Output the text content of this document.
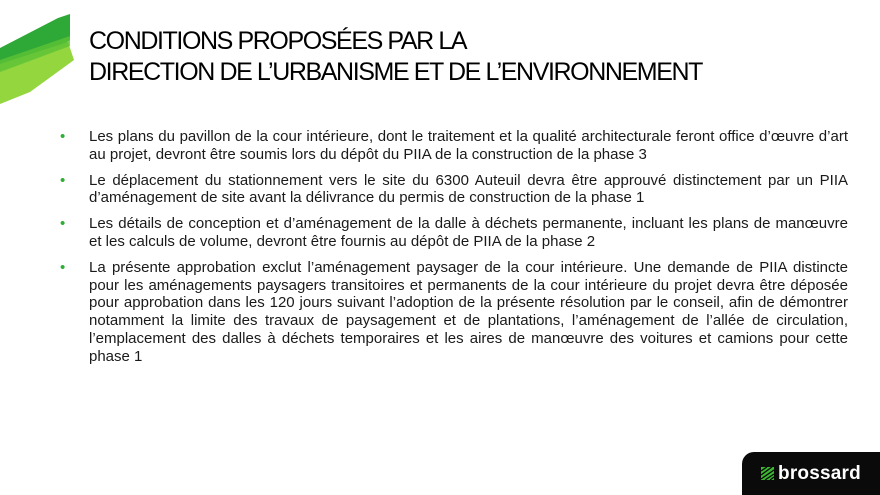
CONDITIONS PROPOSÉES PAR LA
DIRECTION DE L’URBANISME ET DE L’ENVIRONNEMENT
• Les plans du pavillon de la cour intérieure, dont le traitement et la qualité architecturale feront office d’œuvre d’art au projet, devront être soumis lors du dépôt du PIIA de la construction de la phase 3
• Le déplacement du stationnement vers le site du 6300 Auteuil devra être approuvé distinctement par un PIIA d’aménagement de site avant la délivrance du permis de construction de la phase 1
• Les détails de conception et d’aménagement de la dalle à déchets permanente, incluant les plans de manœuvre et les calculs de volume, devront être fournis au dépôt de PIIA de la phase 2
• La présente approbation exclut l’aménagement paysager de la cour intérieure. Une demande de PIIA distincte pour les aménagements paysagers transitoires et permanents de la cour intérieure du projet devra être déposée pour approbation dans les 120 jours suivant l’adoption de la présente résolution par le conseil, afin de démontrer notamment la limite des travaux de paysagement et de plantations, l’aménagement de l’allée de circulation, l’emplacement des dalles à déchets temporaires et les aires de manœuvre des voitures et camions pour cette phase 1
brossard
